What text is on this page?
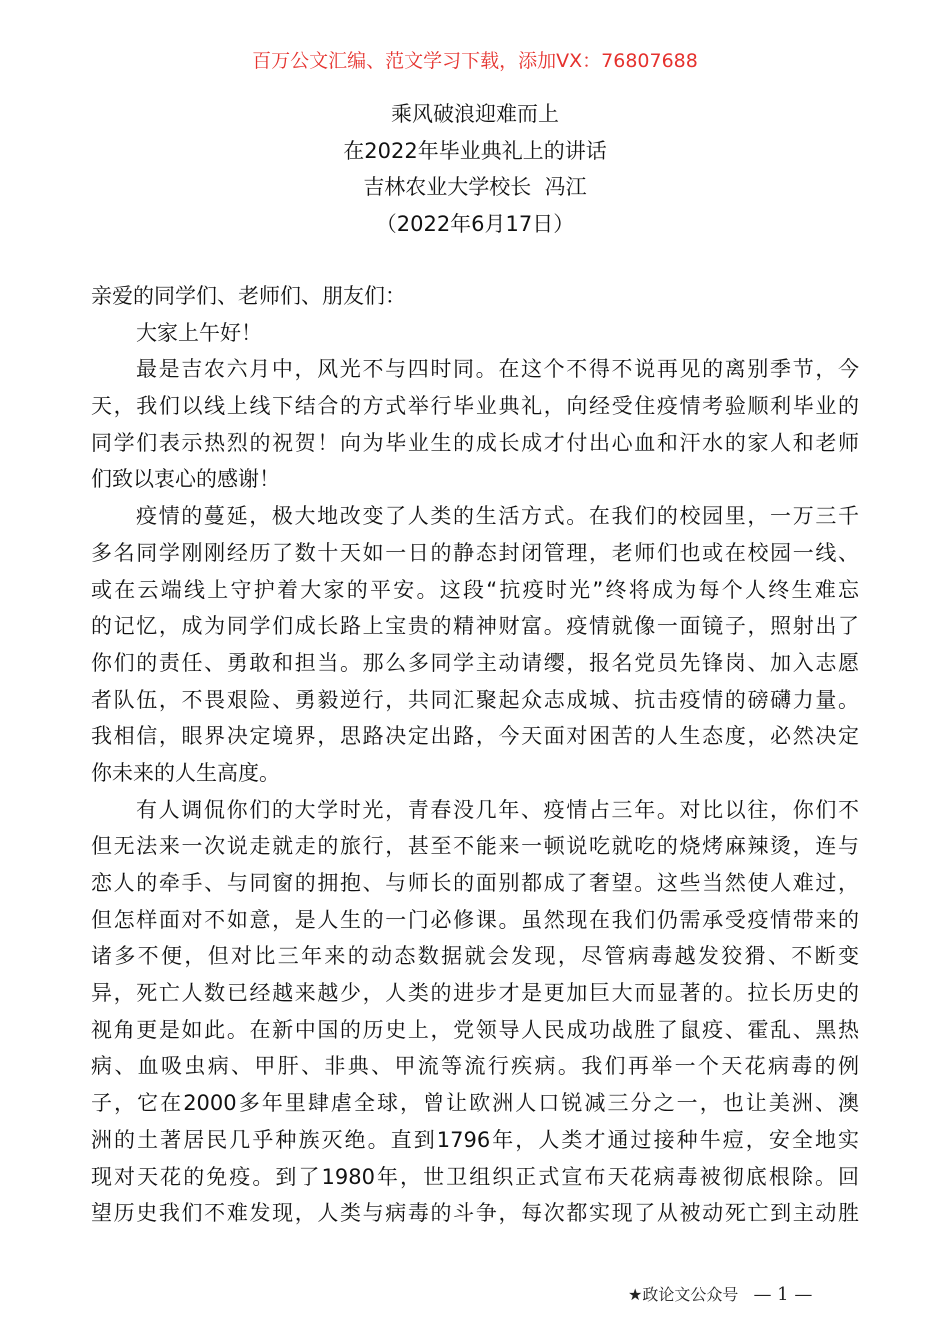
百万公文汇编、范文学习下载，添加VX：76807688
乘风破浪迎难而上
在2022年毕业典礼上的讲话
吉林农业大学校长  冯江
（2022年6月17日）
亲爱的同学们、老师们、朋友们：
大家上午好！
最是吉农六月中，风光不与四时同。在这个不得不说再见的离别季节，今
天，我们以线上线下结合的方式举行毕业典礼，向经受住疫情考验顺利毕业的
同学们表示热烈的祝贺！向为毕业生的成长成才付出心血和汗水的家人和老师
们致以衷心的感谢！
疫情的蔓延，极大地改变了人类的生活方式。在我们的校园里，一万三千
多名同学刚刚经历了数十天如一日的静态封闭管理，老师们也或在校园一线、
或在云端线上守护着大家的平安。这段“抗疫时光”终将成为每个人终生难忘
的记忆，成为同学们成长路上宝贵的精神财富。疫情就像一面镜子，照射出了
你们的责任、勇敢和担当。那么多同学主动请缨，报名党员先锋岗、加入志愿
者队伍，不畏艰险、勇毅逆行，共同汇聚起众志成城、抗击疫情的磅礴力量。
我相信，眼界决定境界，思路决定出路，今天面对困苦的人生态度，必然决定
你未来的人生高度。
有人调侃你们的大学时光，青春没几年、疫情占三年。对比以往，你们不
但无法来一次说走就走的旅行，甚至不能来一顿说吃就吃的烧烤麻辣烫，连与
恋人的牵手、与同窗的拥抱、与师长的面别都成了奢望。这些当然使人难过，
但怎样面对不如意，是人生的一门必修课。虽然现在我们仍需承受疫情带来的
诸多不便，但对比三年来的动态数据就会发现，尽管病毒越发狡猾、不断变
异，死亡人数已经越来越少，人类的进步才是更加巨大而显著的。拉长历史的
视角更是如此。在新中国的历史上，党领导人民成功战胜了鼠疫、霍乱、黑热
病、血吸虫病、甲肝、非典、甲流等流行疾病。我们再举一个天花病毒的例
子，它在2000多年里肆虐全球，曾让欧洲人口锐减三分之一，也让美洲、澳
洲的土著居民几乎种族灭绝。直到1796年，人类才通过接种牛痘，安全地实
现对天花的免疫。到了1980年，世卫组织正式宣布天花病毒被彻底根除。回
望历史我们不难发现，人类与病毒的斗争，每次都实现了从被动死亡到主动胜
★政论文公众号 — 1 —
